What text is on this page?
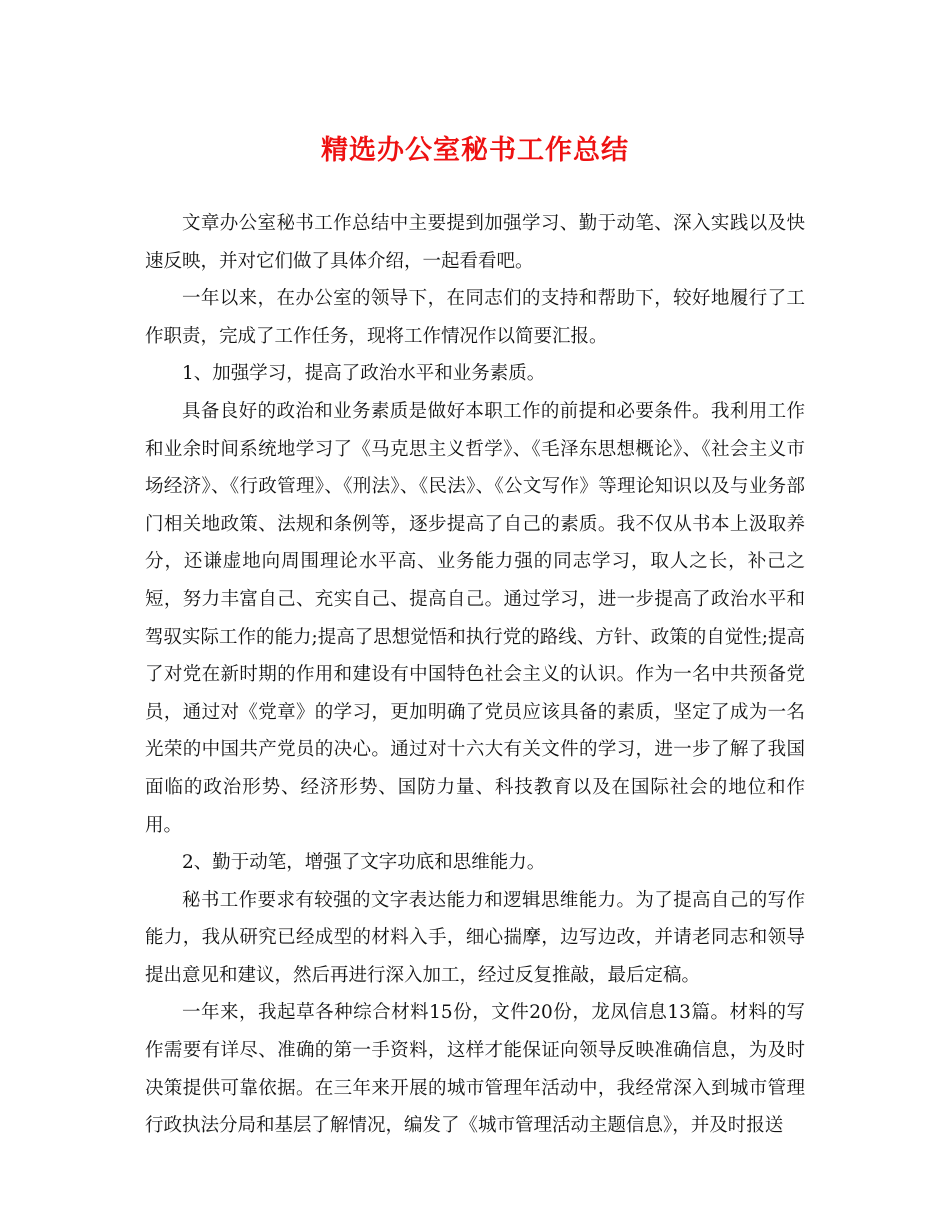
精选办公室秘书工作总结

文章办公室秘书工作总结中主要提到加强学习、勤于动笔、深入实践以及快速反映，并对它们做了具体介绍，一起看看吧。

一年以来，在办公室的领导下，在同志们的支持和帮助下，较好地履行了工作职责，完成了工作任务，现将工作情况作以简要汇报。

1、加强学习，提高了政治水平和业务素质。

具备良好的政治和业务素质是做好本职工作的前提和必要条件。我利用工作和业余时间系统地学习了《马克思主义哲学》、《毛泽东思想概论》、《社会主义市场经济》、《行政管理》、《刑法》、《民法》、《公文写作》等理论知识以及与业务部门相关地政策、法规和条例等，逐步提高了自己的素质。我不仅从书本上汲取养分，还谦虚地向周围理论水平高、业务能力强的同志学习，取人之长，补己之短，努力丰富自己、充实自己、提高自己。通过学习，进一步提高了政治水平和驾驭实际工作的能力;提高了思想觉悟和执行党的路线、方针、政策的自觉性;提高了对党在新时期的作用和建设有中国特色社会主义的认识。作为一名中共预备党员，通过对《党章》的学习，更加明确了党员应该具备的素质，坚定了成为一名光荣的中国共产党员的决心。通过对十六大有关文件的学习，进一步了解了我国面临的政治形势、经济形势、国防力量、科技教育以及在国际社会的地位和作用。

2、勤于动笔，增强了文字功底和思维能力。

秘书工作要求有较强的文字表达能力和逻辑思维能力。为了提高自己的写作能力，我从研究已经成型的材料入手，细心揣摩，边写边改，并请老同志和领导提出意见和建议，然后再进行深入加工，经过反复推敲，最后定稿。

一年来，我起草各种综合材料15份，文件20份，龙凤信息13篇。材料的写作需要有详尽、准确的第一手资料，这样才能保证向领导反映准确信息，为及时决策提供可靠依据。在三年来开展的城市管理年活动中，我经常深入到城市管理行政执法分局和基层了解情况，编发了《城市管理活动主题信息》，并及时报送
